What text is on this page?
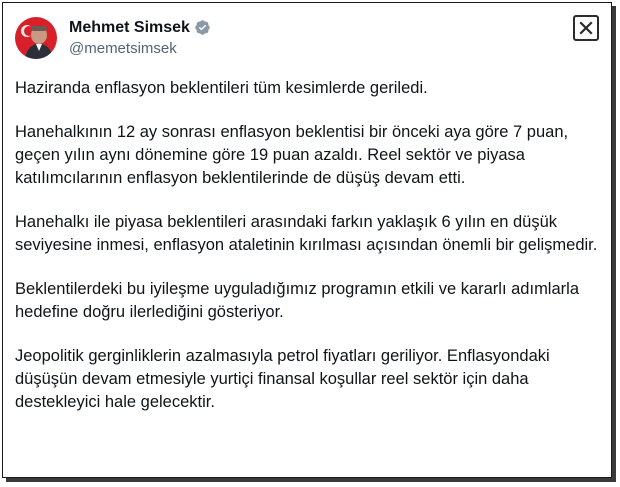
Mehmet Simsek
@memetsimsek

Haziranda enflasyon beklentileri tüm kesimlerde geriledi.

Hanehalkının 12 ay sonrası enflasyon beklentisi bir önceki aya göre 7 puan, geçen yılın aynı dönemine göre 19 puan azaldı. Reel sektör ve piyasa katılımcılarının enflasyon beklentilerinde de düşüş devam etti.

Hanehalkı ile piyasa beklentileri arasındaki farkın yaklaşık 6 yılın en düşük seviyesine inmesi, enflasyon ataletinin kırılması açısından önemli bir gelişmedir.

Beklentilerdeki bu iyileşme uyguladığımız programın etkili ve kararlı adımlarla hedefine doğru ilerlediğini gösteriyor.

Jeopolitik gerginliklerin azalmasıyla petrol fiyatları geriliyor. Enflasyondaki düşüşün devam etmesiyle yurtiçi finansal koşullar reel sektör için daha destekleyici hale gelecektir.
